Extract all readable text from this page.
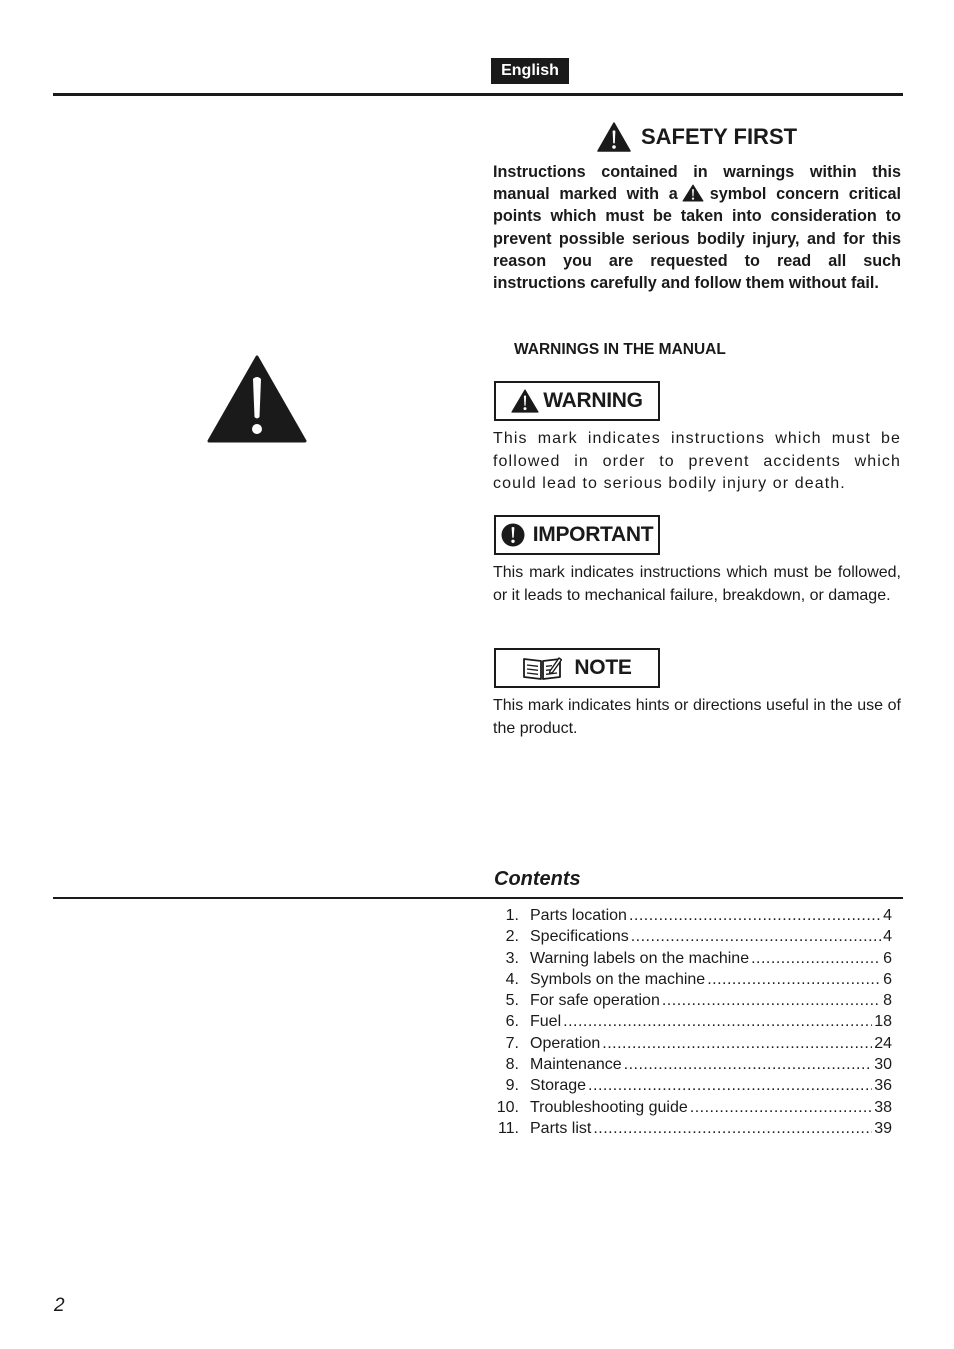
English
SAFETY FIRST
Instructions contained in warnings within this manual marked with a symbol concern critical points which must be taken into consideration to prevent possible serious bodily injury, and for this reason you are requested to read all such instructions carefully and follow them without fail.
WARNINGS IN THE MANUAL
WARNING
This mark indicates instructions which must be followed in order to prevent accidents which could lead to serious bodily injury or death.
IMPORTANT
This mark indicates instructions which must be followed, or it leads to mechanical failure, breakdown, or damage.
NOTE
This mark indicates hints or directions useful in the use of the product.
Contents
1. Parts location .....	4
2. Specifications .....	4
3. Warning labels on the machine .....	6
4. Symbols on the machine .....	6
5. For safe operation .....	8
6. Fuel .....	18
7. Operation .....	24
8. Maintenance .....	30
9. Storage .....	36
10. Troubleshooting guide .....	38
11. Parts list .....	39
2
